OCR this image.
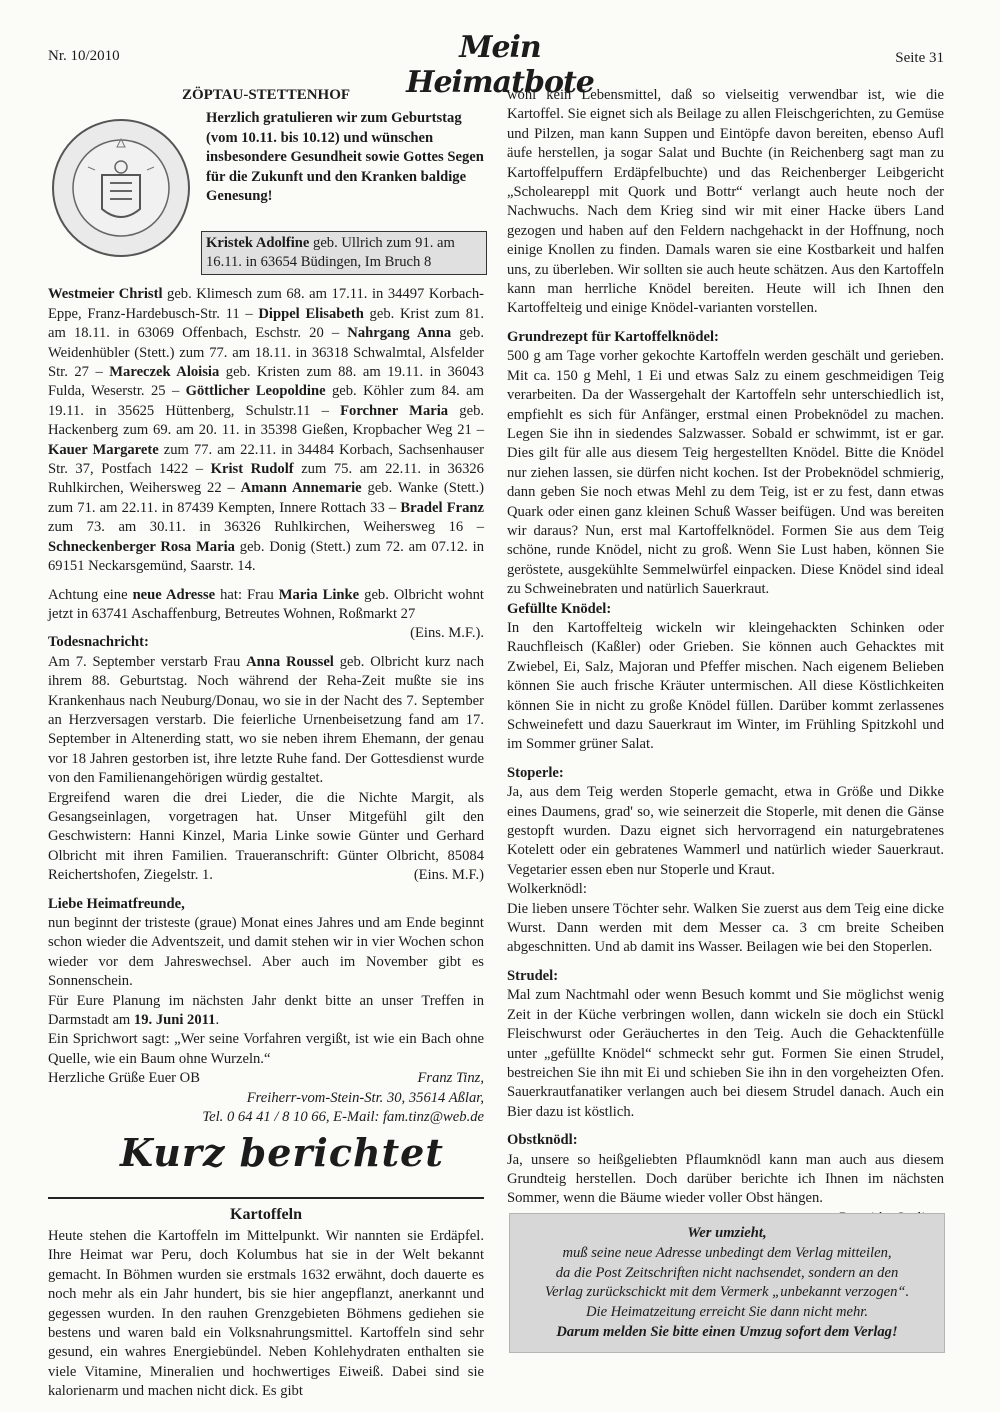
Nr. 10/2010	Mein Heimatbote
Seite 31

ZÖPTAU-STETTENHOF

Herzlich gratulieren wir zum Geburtstag (vom 10.11. bis 10.12) und wünschen insbesondere Gesundheit sowie Gottes Segen für die Zukunft und den Kranken baldige Genesung!
Kristek Adolfine geb. Ullrich zum 91. am 16.11. in 63654 Büdingen, Im Bruch 8

Westmeier Christl geb. Klimesch zum 68. am 17.11. in 34497 Korbach-Eppe, Franz-Hardebusch-Str. 11 – Dippel Elisabeth geb. Krist zum 81. am 18.11. in 63069 Offenbach, Eschstr. 20 – Nahrgang Anna geb. Weidenhübler (Stett.) zum 77. am 18.11. in 36318 Schwalmtal, Alsfelder Str. 27 – Mareczek Aloisia geb. Kristen zum 88. am 19.11. in 36043 Fulda, Weserstr. 25 – Göttlicher Leopoldine geb. Köhler zum 84. am 19.11. in 35625 Hüttenberg, Schulstr.11 – Forchner Maria geb. Hackenberg zum 69. am 20. 11. in 35398 Gießen, Kropbacher Weg 21 – Kauer Margarete zum 77. am 22.11. in 34484 Korbach, Sachsenhauser Str. 37, Postfach 1422 – Krist Rudolf zum 75. am 22.11. in 36326 Ruhlkirchen, Weihersweg 22 – Amann Annemarie geb. Wanke (Stett.) zum 71. am 22.11. in 87439 Kempten, Innere Rottach 33 – Bradel Franz zum 73. am 30.11. in 36326 Ruhlkirchen, Weihersweg 16 – Schneckenberger Rosa Maria geb. Donig (Stett.) zum 72. am 07.12. in 69151 Neckarsgemünd, Saarstr. 14.

Achtung eine neue Adresse hat: Frau Maria Linke geb. Olbricht wohnt jetzt in 63741 Aschaffenburg, Betreutes Wohnen, Roßmarkt 27
(Eins. M.F.).

Todesnachricht:

Am 7. September verstarb Frau Anna Roussel geb. Olbricht kurz nach ihrem 88. Geburtstag. Noch während der Reha-Zeit mußte sie ins Krankenhaus nach Neuburg/Donau, wo sie in der Nacht des 7. September an Herzversagen verstarb. Die feierliche Urnenbeisetzung fand am 17. September in Altenerding statt, wo sie neben ihrem Ehemann, der genau vor 18 Jahren gestorben ist, ihre letzte Ruhe fand. Der Gottesdienst wurde von den Familienangehörigen würdig gestaltet.

Ergreifend waren die drei Lieder, die die Nichte Margit, als Gesangseinlagen, vorgetragen hat. Unser Mitgefühl gilt den Geschwistern: Hanni Kinzel, Maria Linke sowie Günter und Gerhard Olbricht mit ihren Familien. Traueranschrift: Günter Olbricht, 85084 Reichertshofen, Ziegelstr. 1.	(Eins. M.F.)

Liebe Heimatfreunde,

nun beginnt der tristeste (graue) Monat eines Jahres und am Ende beginnt schon wieder die Adventszeit, und damit stehen wir in vier Wochen schon wieder vor dem Jahreswechsel. Aber auch im November gibt es Sonnenschein.

Für Eure Planung im nächsten Jahr denkt bitte an unser Treffen in Darmstadt am 19. Juni 2011.

Ein Sprichwort sagt: „Wer seine Vorfahren vergißt, ist wie ein Bach ohne Quelle, wie ein Baum ohne Wurzeln.“

Herzliche Grüße Euer OB	Franz Tinz,

Freiherr-vom-Stein-Str. 30, 35614 Aßlar,

Tel. 0 64 41 / 8 10 66, E-Mail: fam.tinz@web.de

Kurz berichtet

Kartoffeln

Heute stehen die Kartoffeln im Mittelpunkt. Wir nannten sie Erdäpfel. Ihre Heimat war Peru, doch Kolumbus hat sie in der Welt bekannt gemacht. In Böhmen wurden sie erstmals 1632 erwähnt, doch dauerte es noch mehr als ein Jahr hundert, bis sie hier angepflanzt, anerkannt und gegessen wurden. In den rauhen Grenzgebieten Böhmens gediehen sie bestens und waren bald ein Volksnahrungsmittel. Kartoffeln sind sehr gesund, ein wahres Energiebündel. Neben Kohlehydraten enthalten sie viele Vitamine, Mineralien und hochwertiges Eiweiß. Dabei sind sie kalorienarm und machen nicht dick. Es gibt

wohl kein Lebensmittel, daß so vielseitig verwendbar ist, wie die Kartoffel. Sie eignet sich als Beilage zu allen Fleischgerichten, zu Gemüse und Pilzen, man kann Suppen und Eintöpfe davon bereiten, ebenso Aufl äufe herstellen, ja sogar Salat und Buchte (in Reichenberg sagt man zu Kartoffelpuffern Erdäpfelbuchte) und das Reichenberger Leibgericht „Scholeareppl mit Quork und Bottr“ verlangt auch heute noch der Nachwuchs. Nach dem Krieg sind wir mit einer Hacke übers Land gezogen und haben auf den Feldern nachgehackt in der Hoffnung, noch einige Knollen zu finden. Damals waren sie eine Kostbarkeit und halfen uns, zu überleben. Wir sollten sie auch heute schätzen. Aus den Kartoffeln kann man herrliche Knödel bereiten. Heute will ich Ihnen den Kartoffelteig und einige Knödel-varianten vorstellen.

Grundrezept für Kartoffelknödel:

500 g am Tage vorher gekochte Kartoffeln werden geschält und gerieben. Mit ca. 150 g Mehl, 1 Ei und etwas Salz zu einem geschmeidigen Teig verarbeiten. Da der Wassergehalt der Kartoffeln sehr unterschiedlich ist, empfiehlt es sich für Anfänger, erstmal einen Probeknödel zu machen. Legen Sie ihn in siedendes Salzwasser. Sobald er schwimmt, ist er gar. Dies gilt für alle aus diesem Teig hergestellten Knödel. Bitte die Knödel nur ziehen lassen, sie dürfen nicht kochen. Ist der Probeknödel schmierig, dann geben Sie noch etwas Mehl zu dem Teig, ist er zu fest, dann etwas Quark oder einen ganz kleinen Schuß Wasser beifügen. Und was bereiten wir daraus? Nun, erst mal Kartoffelknödel. Formen Sie aus dem Teig schöne, runde Knödel, nicht zu groß. Wenn Sie Lust haben, können Sie geröstete, ausgekühlte Semmelwürfel einpacken. Diese Knödel sind ideal zu Schweinebraten und natürlich Sauerkraut.

Gefüllte Knödel:

In den Kartoffelteig wickeln wir kleingehackten Schinken oder Rauchfleisch (Kaßler) oder Grieben. Sie können auch Gehacktes mit Zwiebel, Ei, Salz, Majoran und Pfeffer mischen. Nach eigenem Belieben können Sie auch frische Kräuter untermischen. All diese Köstlichkeiten können Sie in nicht zu große Knödel füllen. Darüber kommt zerlassenes Schweinefett und dazu Sauerkraut im Winter, im Frühling Spitzkohl und im Sommer grüner Salat.

Stoperle:

Ja, aus dem Teig werden Stoperle gemacht, etwa in Größe und Dikke eines Daumens, grad' so, wie seinerzeit die Stoperle, mit denen die Gänse gestopft wurden. Dazu eignet sich hervorragend ein naturgebratenes Kotelett oder ein gebratenes Wammerl und natürlich wieder Sauerkraut. Vegetarier essen eben nur Stoperle und Kraut.

Wolkerknödl:

Die lieben unsere Töchter sehr. Walken Sie zuerst aus dem Teig eine dicke Wurst. Dann werden mit dem Messer ca. 3 cm breite Scheiben abgeschnitten. Und ab damit ins Wasser. Beilagen wie bei den Stoperlen.

Strudel:

Mal zum Nachtmahl oder wenn Besuch kommt und Sie möglichst wenig Zeit in der Küche verbringen wollen, dann wickeln sie doch ein Stückl Fleischwurst oder Geräuchertes in den Teig. Auch die Gehacktenfülle unter „gefüllte Knödel“ schmeckt sehr gut. Formen Sie einen Strudel, bestreichen Sie ihn mit Ei und schieben Sie ihn in den vorgeheizten Ofen. Sauerkrautfanatiker verlangen auch bei diesem Strudel danach. Auch ein Bier dazu ist köstlich.

Obstknödl:

Ja, unsere so heißgeliebten Pflaumknödl kann man auch aus diesem Grundteig herstellen. Doch darüber berichte ich Ihnen im nächsten Sommer, wenn die Bäume wieder voller Obst hängen.

Wer umzieht,
muß seine neue Adresse unbedingt dem Verlag mitteilen,
da die Post Zeitschriften nicht nachsendet, sondern an den
Verlag zurückschickt mit dem Vermerk „unbekannt verzogen“.
Die Heimatzeitung erreicht Sie dann nicht mehr.
Darum melden Sie bitte einen Umzug sofort dem Verlag!
